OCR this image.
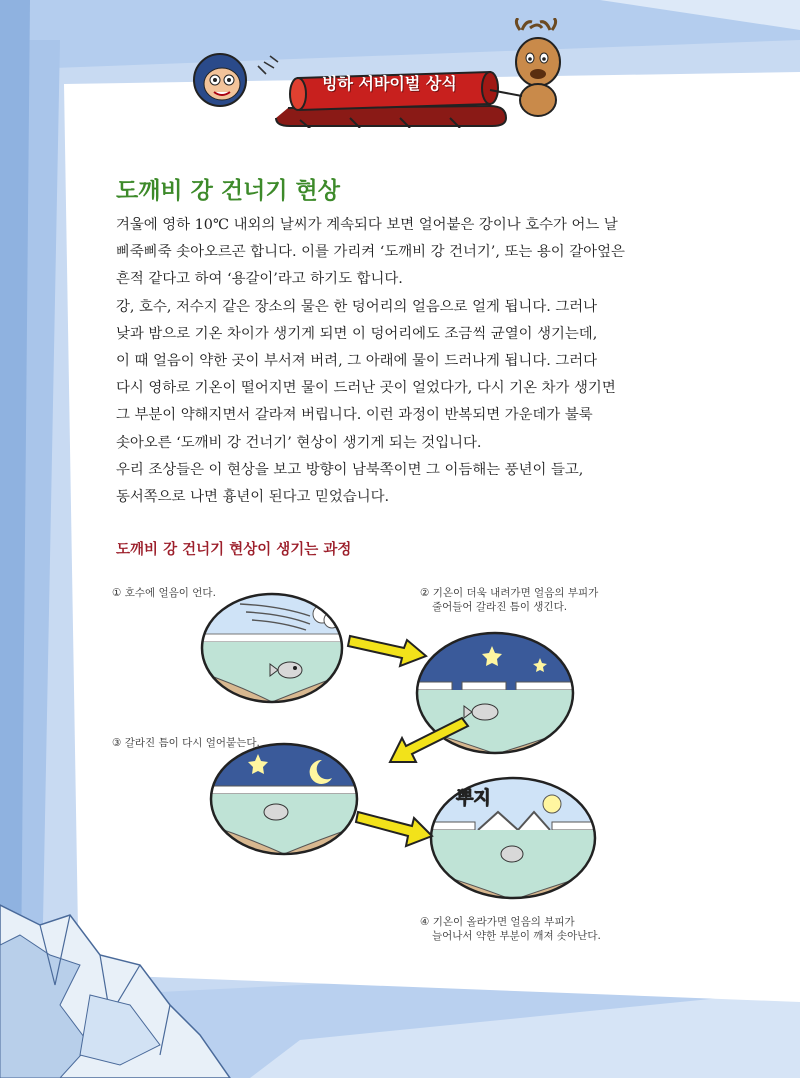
빙하 서바이벌 상식
도깨비 강 건너기 현상

겨울에 영하 10℃ 내외의 날씨가 계속되다 보면 얼어붙은 강이나 호수가 어느 날

삐죽삐죽 솟아오르곤 합니다. 이를 가리켜 ‘도깨비 강 건너기’, 또는 용이 갈아엎은

흔적 같다고 하여 ‘용갈이’라고 하기도 합니다.

강, 호수, 저수지 같은 장소의 물은 한 덩어리의 얼음으로 얼게 됩니다. 그러나

낮과 밤으로 기온 차이가 생기게 되면 이 덩어리에도 조금씩 균열이 생기는데,

이 때 얼음이 약한 곳이 부서져 버려, 그 아래에 물이 드러나게 됩니다. 그러다

다시 영하로 기온이 떨어지면 물이 드러난 곳이 얼었다가, 다시 기온 차가 생기면

그 부분이 약해지면서 갈라져 버립니다. 이런 과정이 반복되면 가운데가 불룩

솟아오른 ‘도깨비 강 건너기’ 현상이 생기게 되는 것입니다.

우리 조상들은 이 현상을 보고 방향이 남북쪽이면 그 이듬해는 풍년이 들고,

동서쪽으로 나면 흉년이 된다고 믿었습니다.

도깨비 강 건너기 현상이 생기는 과정
① 호수에 얼음이 언다.	② 기온이 더욱 내려가면 얼음의 부피가
줄어들어 갈라진 틈이 생긴다.
③ 갈라진 틈이 다시 얼어붙는다.
④ 기온이 올라가면 얼음의 부피가
늘어나서 약한 부분이 깨져 솟아난다.
뿌지
